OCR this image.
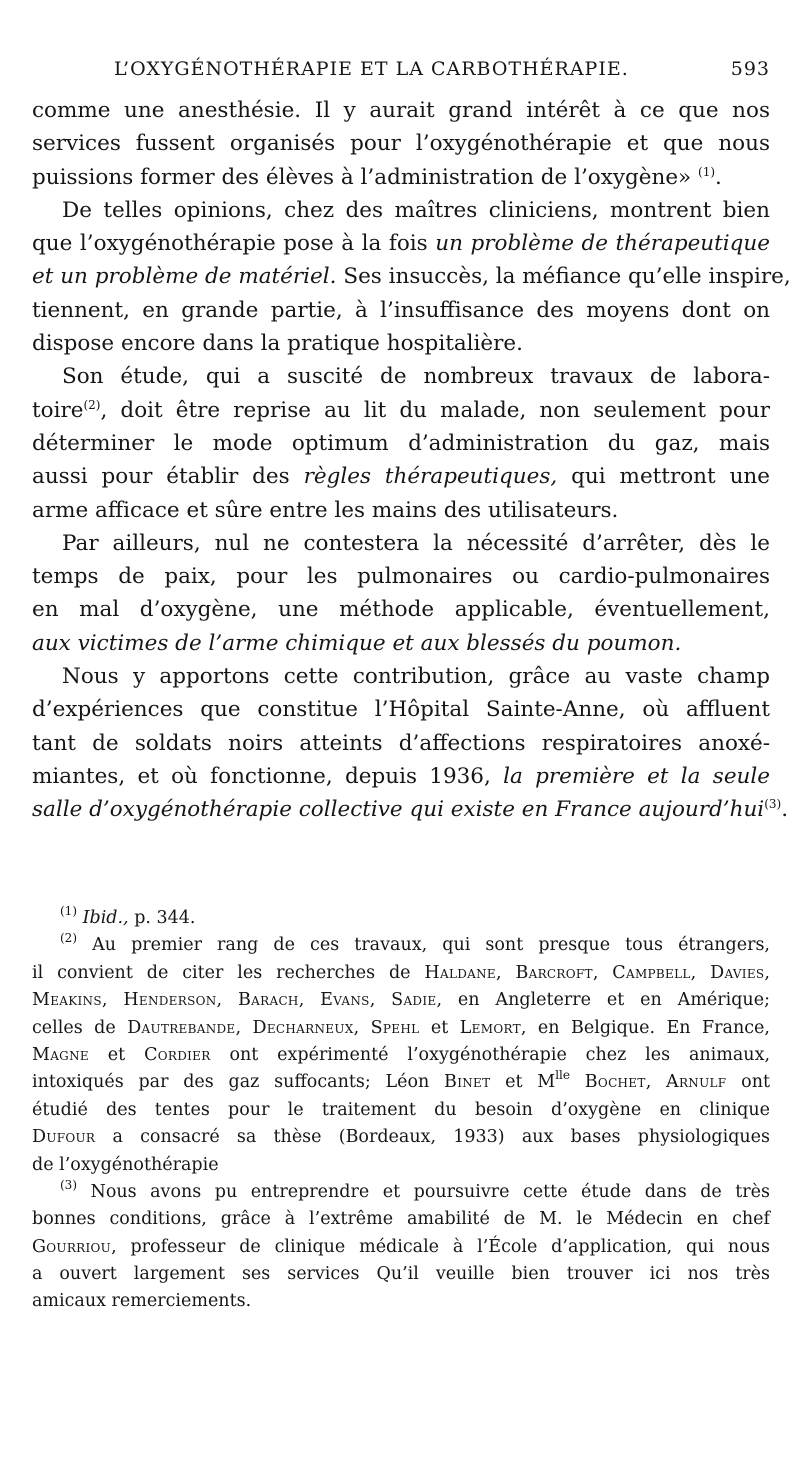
L’OXYGÉNOTHÉRAPIE ET LA CARBOTHÉRAPIE.	593
comme une anesthésie. Il y aurait grand intérêt à ce que nos
services fussent organisés pour l’oxygénothérapie et que nous
puissions former des élèves à l’administration de l’oxygène» $^{(1)}$.
De telles opinions, chez des maîtres cliniciens, montrent bien
que l’oxygénothérapie pose à la fois un problème de thérapeutique
et un problème de matériel. Ses insuccès, la méfiance qu’elle inspire,
tiennent, en grande partie, à l’insuffisance des moyens dont on
dispose encore dans la pratique hospitalière.
Son étude, qui a suscité de nombreux travaux de labora-
toire$^{(2)}$, doit être reprise au lit du malade, non seulement pour
déterminer le mode optimum d’administration du gaz, mais
aussi pour établir des règles thérapeutiques, qui mettront une
arme afficace et sûre entre les mains des utilisateurs.
Par ailleurs, nul ne contestera la nécessité d’arrêter, dès le
temps de paix, pour les pulmonaires ou cardio-pulmonaires
en mal d’oxygène, une méthode applicable, éventuellement,
aux victimes de l’arme chimique et aux blessés du poumon.
Nous y apportons cette contribution, grâce au vaste champ
d’expériences que constitue l’Hôpital Sainte-Anne, où affluent
tant de soldats noirs atteints d’affections respiratoires anoxé-
miantes, et où fonctionne, depuis 1936, la première et la seule
salle d’oxygénothérapie collective qui existe en France aujourd’hui$^{(3)}$.
$^{(1)}$ Ibid., p. 344.
$^{(2)}$ Au premier rang de ces travaux, qui sont presque tous étrangers,
il convient de citer les recherches de Haldane, Barcroft, Campbell, Davies,
Meakins, Henderson, Barach, Evans, Sadie, en Angleterre et en Amérique;
celles de Dautrebande, Decharneux, Spehl et Lemort, en Belgique. En France,
Magne et Cordier ont expérimenté l’oxygénothérapie chez les animaux,
intoxiqués par des gaz suffocants; Léon Binet et $M^{lle}$ Bochet, Arnulf ont
étudié des tentes pour le traitement du besoin d’oxygène en clinique
Dufour a consacré sa thèse (Bordeaux, 1933) aux bases physiologiques
de l’oxygénothérapie
$^{(3)}$ Nous avons pu entreprendre et poursuivre cette étude dans de très
bonnes conditions, grâce à l’extrême amabilité de M. le Médecin en chef
Gourriou, professeur de clinique médicale à l’École d’application, qui nous
a ouvert largement ses services Qu’il veuille bien trouver ici nos très
amicaux remerciements.
